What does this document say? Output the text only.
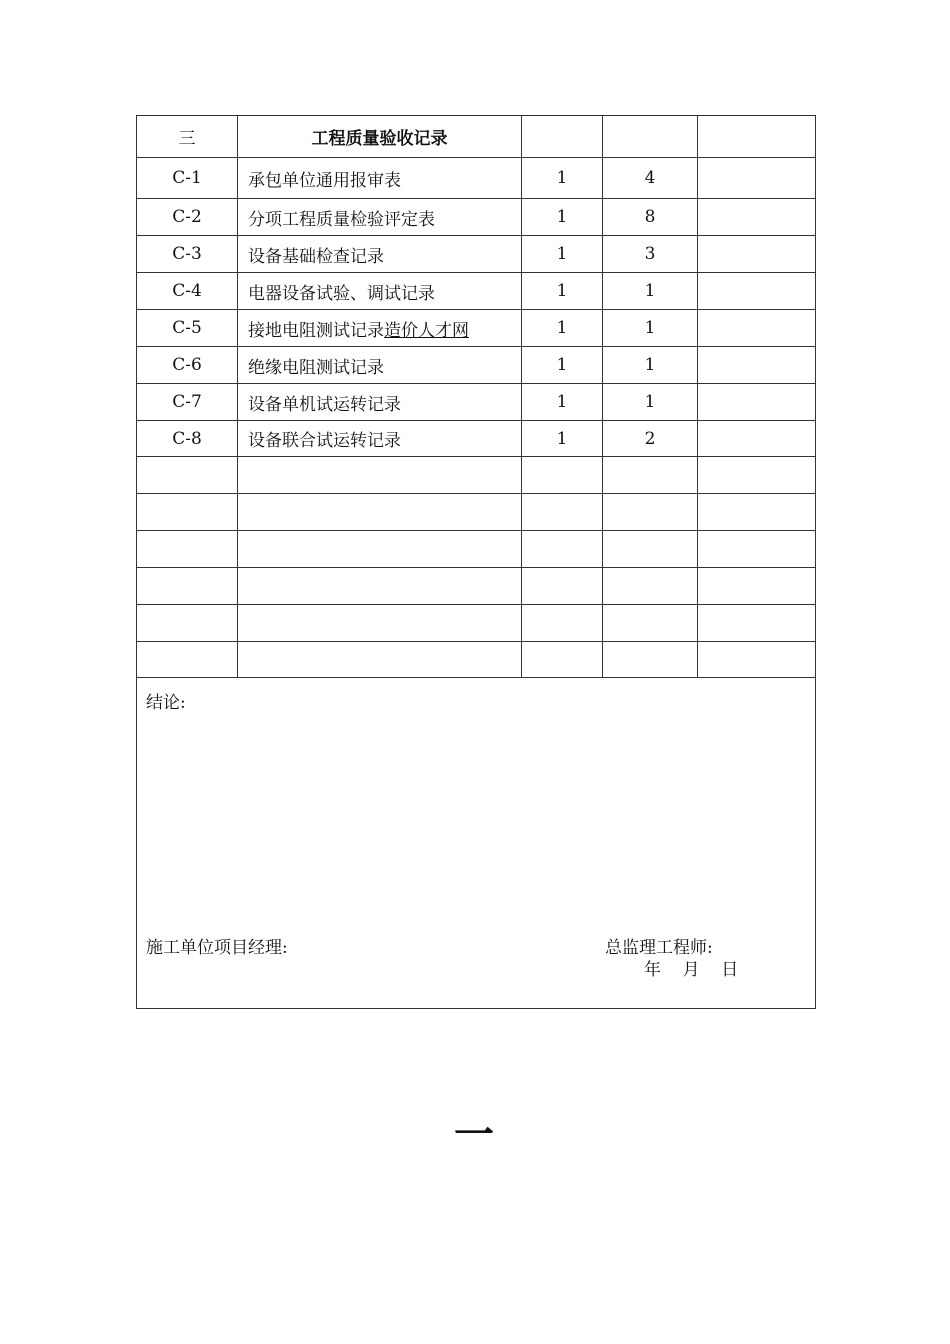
三	工程质量验收记录			
C-1	承包单位通用报审表	1	4	
C-2	分项工程质量检验评定表	1	8	
C-3	设备基础检查记录	1	3	
C-4	电器设备试验、调试记录	1	1	
C-5	接地电阻测试记录造价人才网	1	1	
C-6	绝缘电阻测试记录	1	1	
C-7	设备单机试运转记录	1	1	
C-8	设备联合试运转记录	1	2	

结论:
施工单位项目经理: 总监理工程师:
年    月    日				
一
